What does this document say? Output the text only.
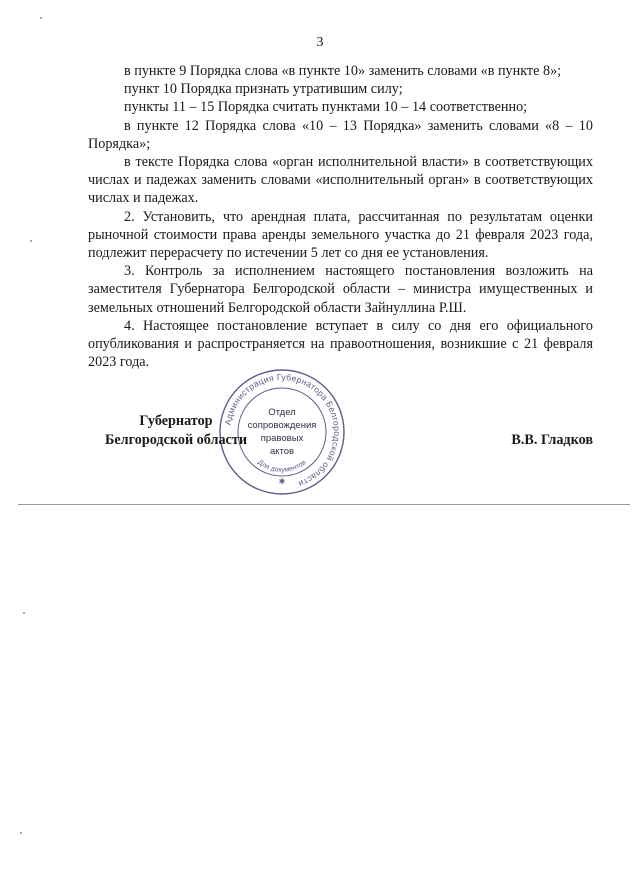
3

в пункте 9 Порядка слова «в пункте 10» заменить словами «в пункте 8»;

пункт 10 Порядка признать утратившим силу;

пункты 11 – 15 Порядка считать пунктами 10 – 14 соответственно;

в пункте 12 Порядка слова «10 – 13 Порядка» заменить словами «8 – 10 Порядка»;

в тексте Порядка слова «орган исполнительной власти» в соответствующих числах и падежах заменить словами «исполнительный орган» в соответствующих числах и падежах.

2. Установить, что арендная плата, рассчитанная по результатам оценки рыночной стоимости права аренды земельного участка до 21 февраля 2023 года, подлежит перерасчету по истечении 5 лет со дня ее установления.

3. Контроль за исполнением настоящего постановления возложить на заместителя Губернатора Белгородской области – министра имущественных и земельных отношений Белгородской области Зайнуллина Р.Ш.

4. Настоящее постановление вступает в силу со дня его официального опубликования и распространяется на правоотношения, возникшие с 21 февраля 2023 года.

Администрация Губернатора Белгородской области
Отдел
сопровождения
правовых
актов
Для документов
✱
Губернатор
Белгородской области	В.В. Гладков
